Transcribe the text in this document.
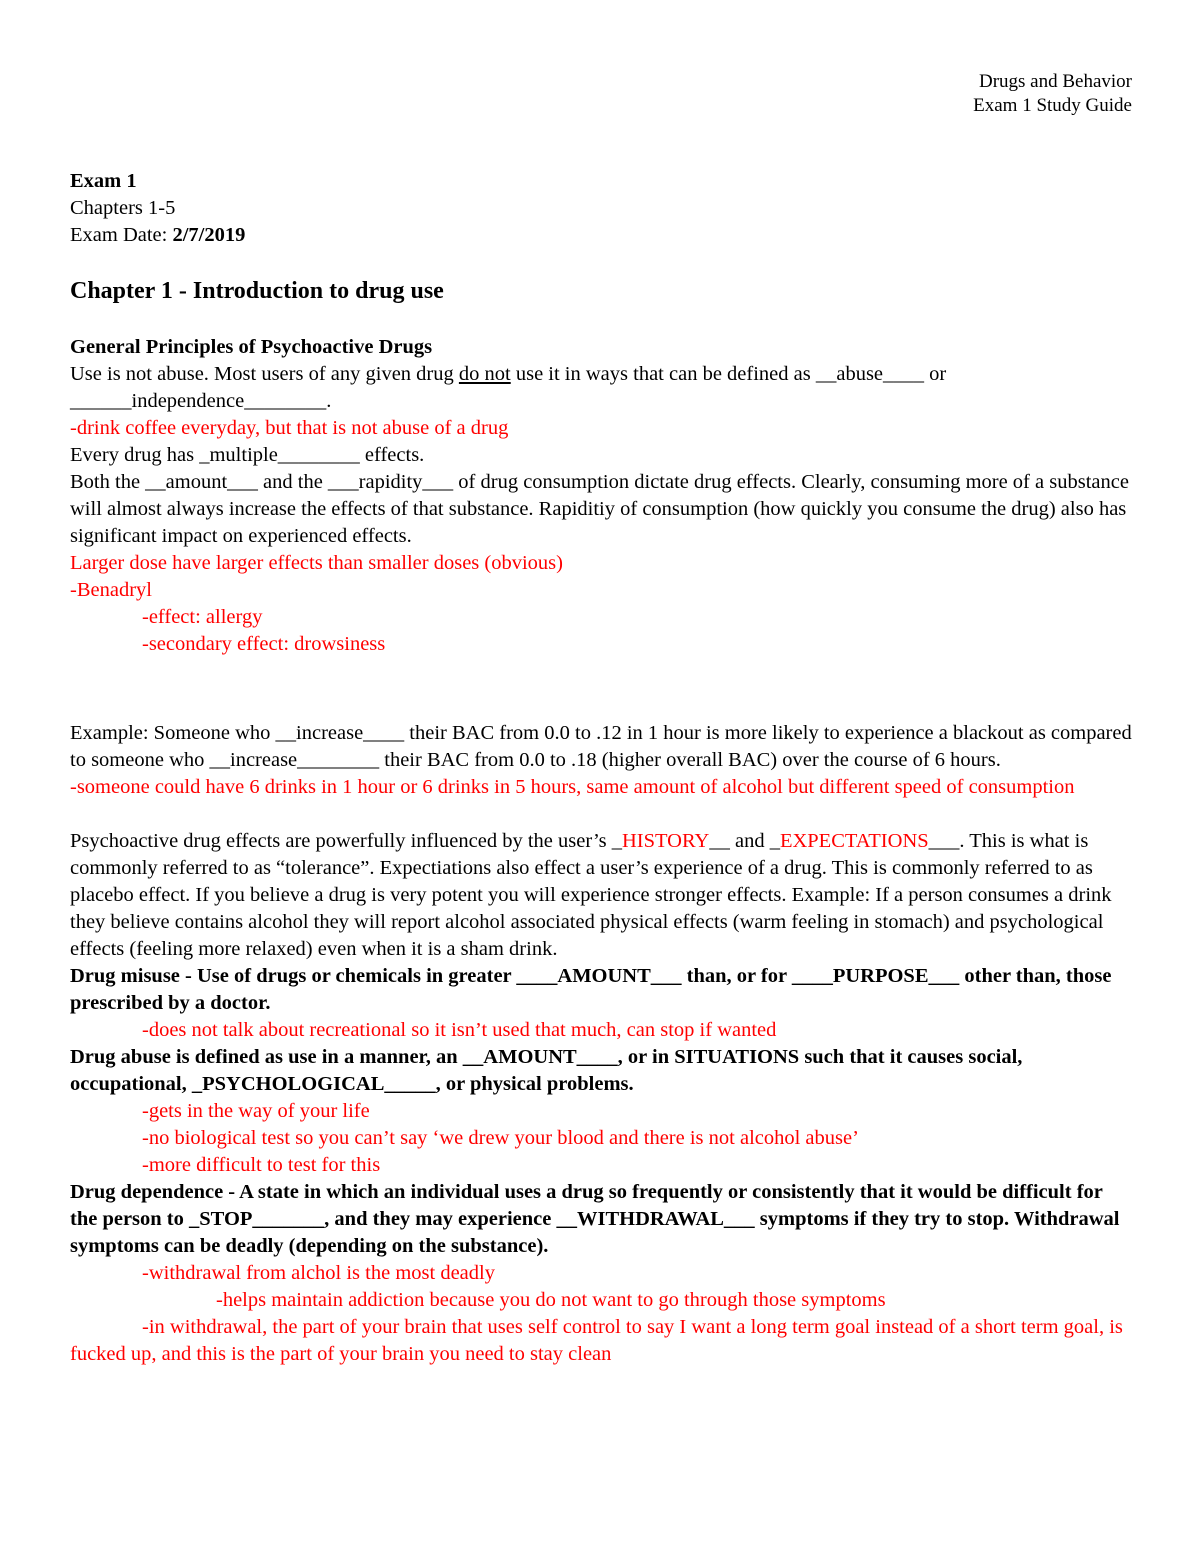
Drugs and Behavior

Exam 1 Study Guide

Exam 1

Chapters 1-5

Exam Date: 2/7/2019

Chapter 1 - Introduction to drug use

General Principles of Psychoactive Drugs

Use is not abuse. Most users of any given drug do not use it in ways that can be defined as __abuse____ or ______independence________.

-drink coffee everyday, but that is not abuse of a drug

Every drug has _multiple________ effects.

Both the __amount___ and the ___rapidity___ of drug consumption dictate drug effects. Clearly, consuming more of a substance will almost always increase the effects of that substance. Rapiditiy of consumption (how quickly you consume the drug) also has significant impact on experienced effects.

Larger dose have larger effects than smaller doses (obvious)

-Benadryl

-effect: allergy

-secondary effect: drowsiness

Example: Someone who __increase____ their BAC from 0.0 to .12 in 1 hour is more likely to experience a blackout as compared to someone who __increase________ their BAC from 0.0 to .18 (higher overall BAC) over the course of 6 hours.

-someone could have 6 drinks in 1 hour or 6 drinks in 5 hours, same amount of alcohol but different speed of consumption

Psychoactive drug effects are powerfully influenced by the user’s _HISTORY__ and _EXPECTATIONS___. This is what is commonly referred to as “tolerance”. Expectiations also effect a user’s experience of a drug. This is commonly referred to as placebo effect. If you believe a drug is very potent you will experience stronger effects. Example: If a person consumes a drink they believe contains alcohol they will report alcohol associated physical effects (warm feeling in stomach) and psychological effects (feeling more relaxed) even when it is a sham drink.

Drug misuse - Use of drugs or chemicals in greater ____AMOUNT___ than, or for ____PURPOSE___ other than, those prescribed by a doctor.

-does not talk about recreational so it isn’t used that much, can stop if wanted

Drug abuse is defined as use in a manner, an __AMOUNT____, or in SITUATIONS such that it causes social, occupational, _PSYCHOLOGICAL_____, or physical problems.

-gets in the way of your life

-no biological test so you can’t say ‘we drew your blood and there is not alcohol abuse’

-more difficult to test for this

Drug dependence - A state in which an individual uses a drug so frequently or consistently that it would be difficult for the person to _STOP_______, and they may experience __WITHDRAWAL___ symptoms if they try to stop. Withdrawal symptoms can be deadly (depending on the substance).

-withdrawal from alchol is the most deadly

-helps maintain addiction because you do not want to go through those symptoms

-in withdrawal, the part of your brain that uses self control to say I want a long term goal instead of a short term goal, is fucked up, and this is the part of your brain you need to stay clean
